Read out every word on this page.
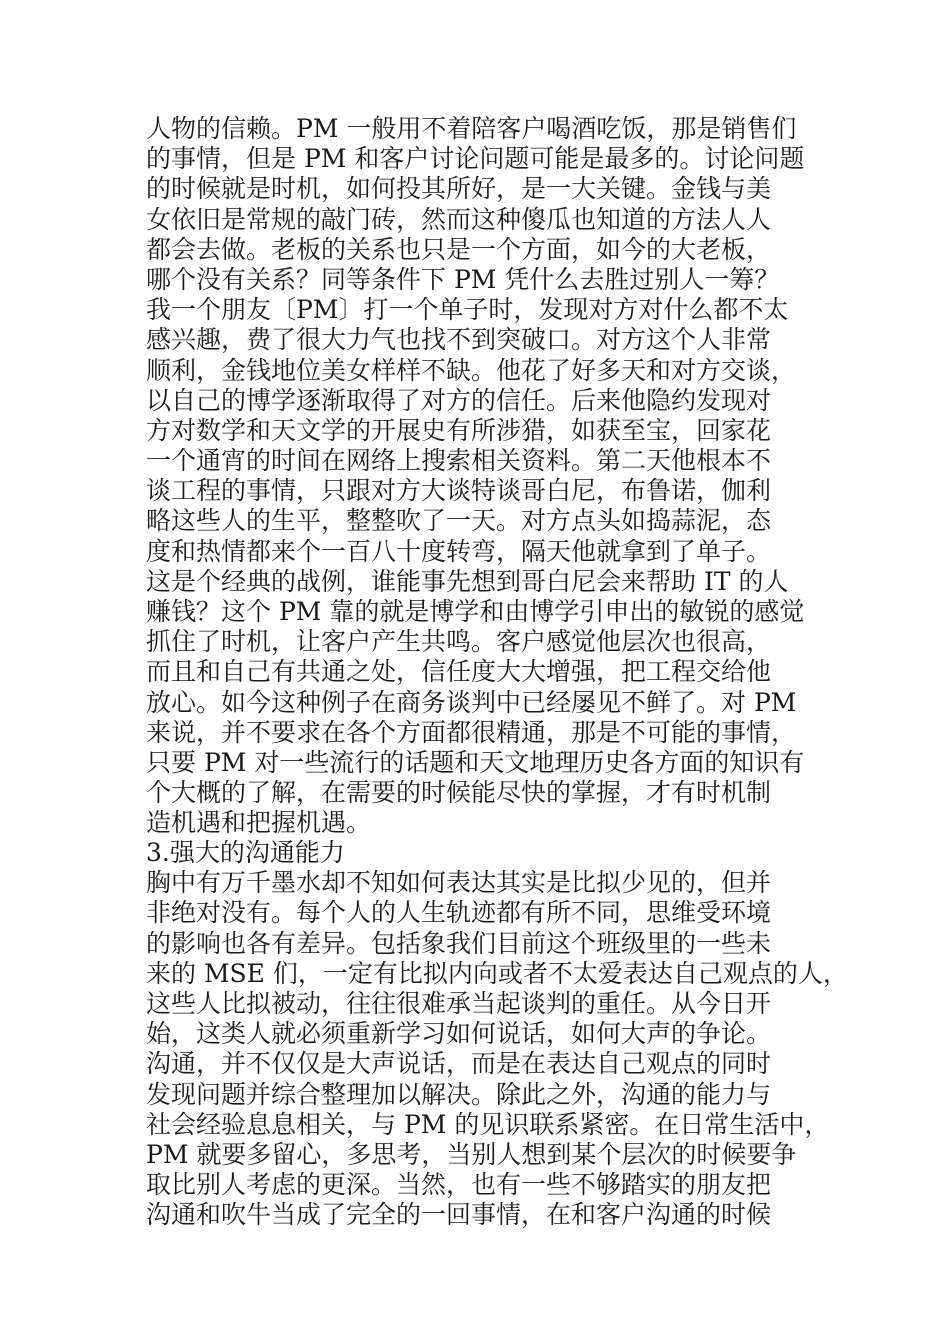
人物的信赖。PM 一般用不着陪客户喝酒吃饭，那是销售们
的事情，但是 PM 和客户讨论问题可能是最多的。讨论问题
的时候就是时机，如何投其所好，是一大关键。金钱与美
女依旧是常规的敲门砖，然而这种傻瓜也知道的方法人人
都会去做。老板的关系也只是一个方面，如今的大老板，
哪个没有关系？同等条件下 PM 凭什么去胜过别人一筹？
我一个朋友〔PM〕打一个单子时，发现对方对什么都不太
感兴趣，费了很大力气也找不到突破口。对方这个人非常
顺利，金钱地位美女样样不缺。他花了好多天和对方交谈，
以自己的博学逐渐取得了对方的信任。后来他隐约发现对
方对数学和天文学的开展史有所涉猎，如获至宝，回家花
一个通宵的时间在网络上搜索相关资料。第二天他根本不
谈工程的事情，只跟对方大谈特谈哥白尼，布鲁诺，伽利
略这些人的生平，整整吹了一天。对方点头如捣蒜泥，态
度和热情都来个一百八十度转弯，隔天他就拿到了单子。
这是个经典的战例，谁能事先想到哥白尼会来帮助 IT 的人
赚钱？这个 PM 靠的就是博学和由博学引申出的敏锐的感觉
抓住了时机，让客户产生共鸣。客户感觉他层次也很高，
而且和自己有共通之处，信任度大大增强，把工程交给他
放心。如今这种例子在商务谈判中已经屡见不鲜了。对 PM
来说，并不要求在各个方面都很精通，那是不可能的事情，
只要 PM 对一些流行的话题和天文地理历史各方面的知识有
个大概的了解，在需要的时候能尽快的掌握，才有时机制
造机遇和把握机遇。
3.强大的沟通能力
胸中有万千墨水却不知如何表达其实是比拟少见的，但并
非绝对没有。每个人的人生轨迹都有所不同，思维受环境
的影响也各有差异。包括象我们目前这个班级里的一些未
来的 MSE 们，一定有比拟内向或者不太爱表达自己观点的人，
这些人比拟被动，往往很难承当起谈判的重任。从今日开
始，这类人就必须重新学习如何说话，如何大声的争论。
沟通，并不仅仅是大声说话，而是在表达自己观点的同时
发现问题并综合整理加以解决。除此之外，沟通的能力与
社会经验息息相关，与 PM 的见识联系紧密。在日常生活中，
PM 就要多留心，多思考，当别人想到某个层次的时候要争
取比别人考虑的更深。当然，也有一些不够踏实的朋友把
沟通和吹牛当成了完全的一回事情，在和客户沟通的时候
